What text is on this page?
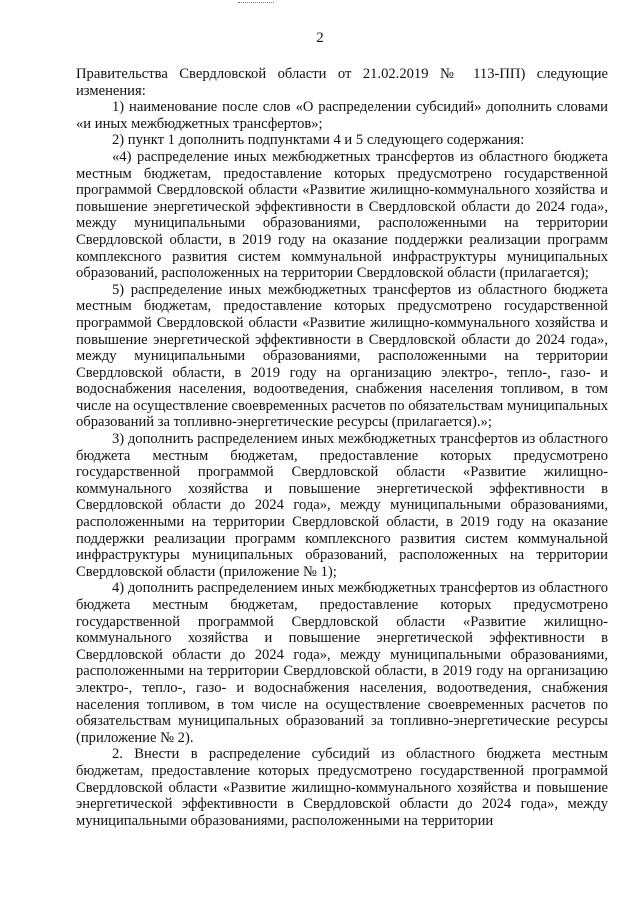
2

Правительства Свердловской области от 21.02.2019 № 113-ПП) следующие изменения:

1) наименование после слов «О распределении субсидий» дополнить словами «и иных межбюджетных трансфертов»;

2) пункт 1 дополнить подпунктами 4 и 5 следующего содержания:

«4) распределение иных межбюджетных трансфертов из областного бюджета местным бюджетам, предоставление которых предусмотрено государственной программой Свердловской области «Развитие жилищно-коммунального хозяйства и повышение энергетической эффективности в Свердловской области до 2024 года», между муниципальными образованиями, расположенными на территории Свердловской области, в 2019 году на оказание поддержки реализации программ комплексного развития систем коммунальной инфраструктуры муниципальных образований, расположенных на территории Свердловской области (прилагается);

5) распределение иных межбюджетных трансфертов из областного бюджета местным бюджетам, предоставление которых предусмотрено государственной программой Свердловской области «Развитие жилищно-коммунального хозяйства и повышение энергетической эффективности в Свердловской области до 2024 года», между муниципальными образованиями, расположенными на территории Свердловской области, в 2019 году на организацию электро-, тепло-, газо- и водоснабжения населения, водоотведения, снабжения населения топливом, в том числе на осуществление своевременных расчетов по обязательствам муниципальных образований за топливно-энергетические ресурсы (прилагается).»;

3) дополнить распределением иных межбюджетных трансфертов из областного бюджета местным бюджетам, предоставление которых предусмотрено государственной программой Свердловской области «Развитие жилищно-коммунального хозяйства и повышение энергетической эффективности в Свердловской области до 2024 года», между муниципальными образованиями, расположенными на территории Свердловской области, в 2019 году на оказание поддержки реализации программ комплексного развития систем коммунальной инфраструктуры муниципальных образований, расположенных на территории Свердловской области (приложение № 1);

4) дополнить распределением иных межбюджетных трансфертов из областного бюджета местным бюджетам, предоставление которых предусмотрено государственной программой Свердловской области «Развитие жилищно-коммунального хозяйства и повышение энергетической эффективности в Свердловской области до 2024 года», между муниципальными образованиями, расположенными на территории Свердловской области, в 2019 году на организацию электро-, тепло-, газо- и водоснабжения населения, водоотведения, снабжения населения топливом, в том числе на осуществление своевременных расчетов по обязательствам муниципальных образований за топливно-энергетические ресурсы (приложение № 2).

2. Внести в распределение субсидий из областного бюджета местным бюджетам, предоставление которых предусмотрено государственной программой Свердловской области «Развитие жилищно-коммунального хозяйства и повышение энергетической эффективности в Свердловской области до 2024 года», между муниципальными образованиями, расположенными на территории
